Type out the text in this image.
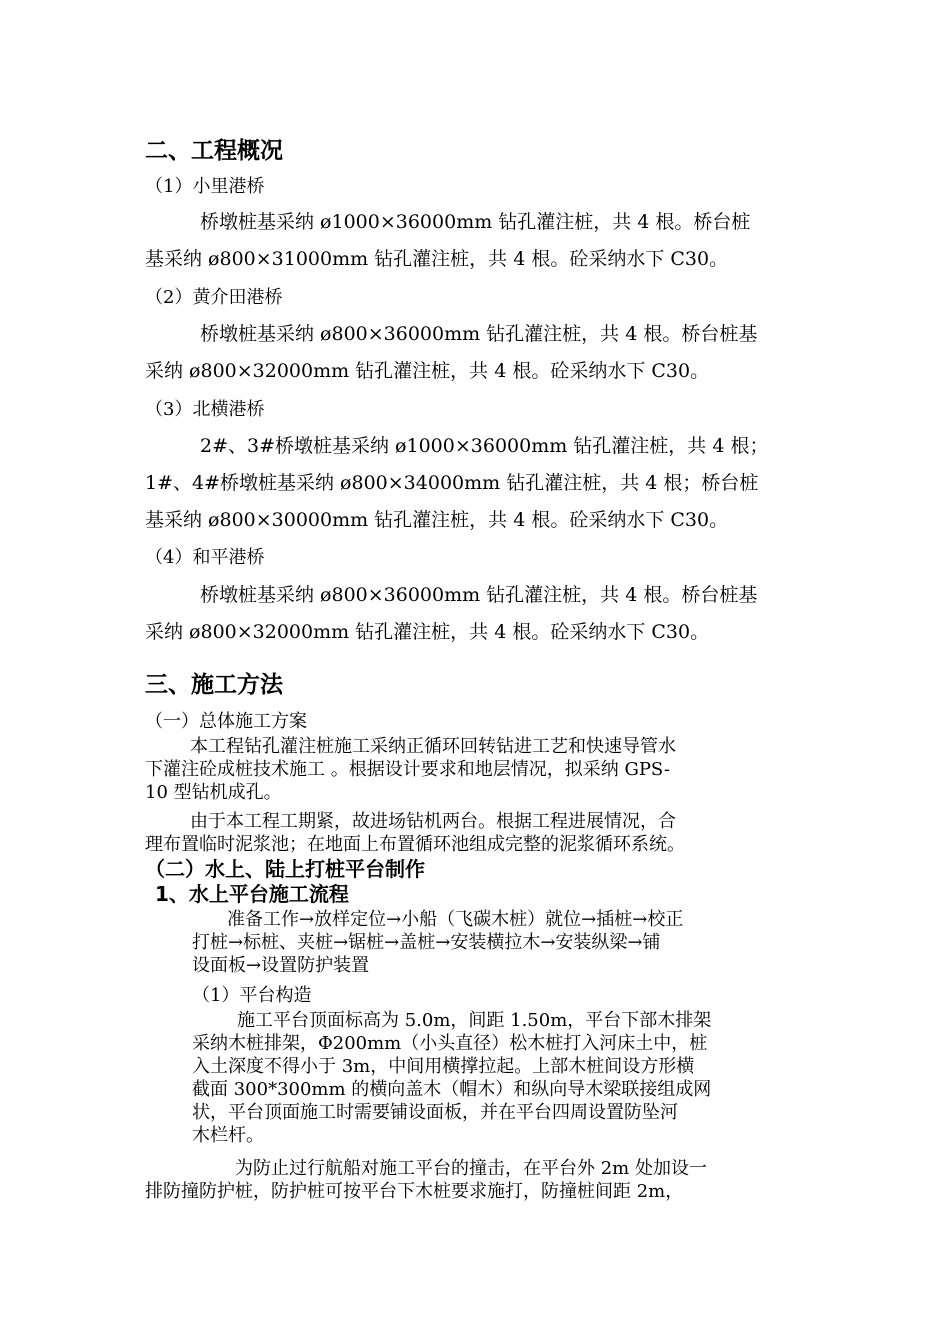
二、工程概况
（1）小里港桥
桥墩桩基采纳 ø1000×36000mm 钻孔灌注桩，共 4 根。桥台桩
基采纳 ø800×31000mm 钻孔灌注桩，共 4 根。砼采纳水下 C30。
（2）黄介田港桥
桥墩桩基采纳 ø800×36000mm 钻孔灌注桩，共 4 根。桥台桩基
采纳 ø800×32000mm 钻孔灌注桩，共 4 根。砼采纳水下 C30。
（3）北横港桥
2#、3#桥墩桩基采纳 ø1000×36000mm 钻孔灌注桩，共 4 根；
1#、4#桥墩桩基采纳 ø800×34000mm 钻孔灌注桩，共 4 根；桥台桩
基采纳 ø800×30000mm 钻孔灌注桩，共 4 根。砼采纳水下 C30。
（4）和平港桥
桥墩桩基采纳 ø800×36000mm 钻孔灌注桩，共 4 根。桥台桩基
采纳 ø800×32000mm 钻孔灌注桩，共 4 根。砼采纳水下 C30。
三、施工方法
（一）总体施工方案
本工程钻孔灌注桩施工采纳正循环回转钻进工艺和快速导管水
下灌注砼成桩技术施工 。根据设计要求和地层情况，拟采纳 GPS-
10 型钻机成孔。
由于本工程工期紧，故进场钻机两台。根据工程进展情况，合
理布置临时泥浆池；在地面上布置循环池组成完整的泥浆循环系统。
（二）水上、陆上打桩平台制作
1、水上平台施工流程
准备工作→放样定位→小船（飞碳木桩）就位→插桩→校正
打桩→标桩、夹桩→锯桩→盖桩→安装横拉木→安装纵梁→铺
设面板→设置防护装置
（1）平台构造
施工平台顶面标高为 5.0m，间距 1.50m，平台下部木排架
采纳木桩排架，Φ200mm（小头直径）松木桩打入河床土中，桩
入土深度不得小于 3m，中间用横撑拉起。上部木桩间设方形横
截面 300*300mm 的横向盖木（帽木）和纵向导木梁联接组成网
状，平台顶面施工时需要铺设面板，并在平台四周设置防坠河
木栏杆。
为防止过行航船对施工平台的撞击，在平台外 2m 处加设一
排防撞防护桩，防护桩可按平台下木桩要求施打，防撞桩间距 2m，
